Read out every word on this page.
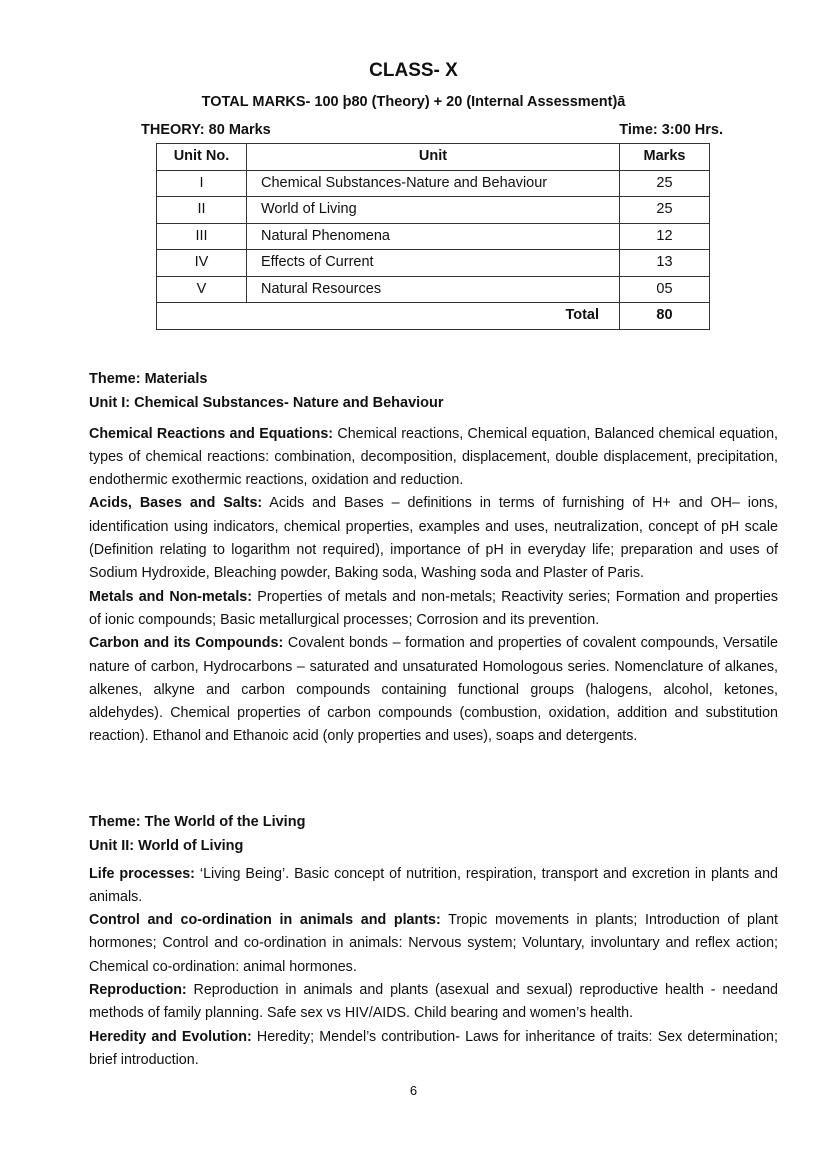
CLASS- X
TOTAL MARKS- 100 þ80 (Theory) + 20 (Internal Assessment)ā
THEORY: 80 Marks	Time: 3:00 Hrs.
Unit No.	Unit	Marks
I	Chemical Substances-Nature and Behaviour	25
II	World of Living	25
III	Natural Phenomena	12
IV	Effects of Current	13
V	Natural Resources	05
Total		80
Theme: Materials
Unit I: Chemical Substances- Nature and Behaviour
Chemical Reactions and Equations: Chemical reactions, Chemical equation, Balanced chemical equation, types of chemical reactions: combination, decomposition, displacement, double displacement, precipitation, endothermic exothermic reactions, oxidation and reduction.
Acids, Bases and Salts: Acids and Bases – definitions in terms of furnishing of H+ and OH– ions, identification using indicators, chemical properties, examples and uses, neutralization, concept of pH scale (Definition relating to logarithm not required), importance of pH in everyday life; preparation and uses of Sodium Hydroxide, Bleaching powder, Baking soda, Washing soda and Plaster of Paris.
Metals and Non-metals: Properties of metals and non-metals; Reactivity series; Formation and properties of ionic compounds; Basic metallurgical processes; Corrosion and its prevention.
Carbon and its Compounds: Covalent bonds – formation and properties of covalent compounds, Versatile nature of carbon, Hydrocarbons – saturated and unsaturated Homologous series. Nomenclature of alkanes, alkenes, alkyne and carbon compounds containing functional groups (halogens, alcohol, ketones, aldehydes). Chemical properties of carbon compounds (combustion, oxidation, addition and substitution reaction). Ethanol and Ethanoic acid (only properties and uses), soaps and detergents.
Theme: The World of the Living
Unit II: World of Living
Life processes: ‘Living Being’. Basic concept of nutrition, respiration, transport and excretion in plants and animals.
Control and co-ordination in animals and plants: Tropic movements in plants; Introduction of plant hormones; Control and co-ordination in animals: Nervous system; Voluntary, involuntary and reflex action; Chemical co-ordination: animal hormones.
Reproduction: Reproduction in animals and plants (asexual and sexual) reproductive health - needand methods of family planning. Safe sex vs HIV/AIDS. Child bearing and women’s health.
Heredity and Evolution: Heredity; Mendel’s contribution- Laws for inheritance of traits: Sex determination; brief introduction.
6
